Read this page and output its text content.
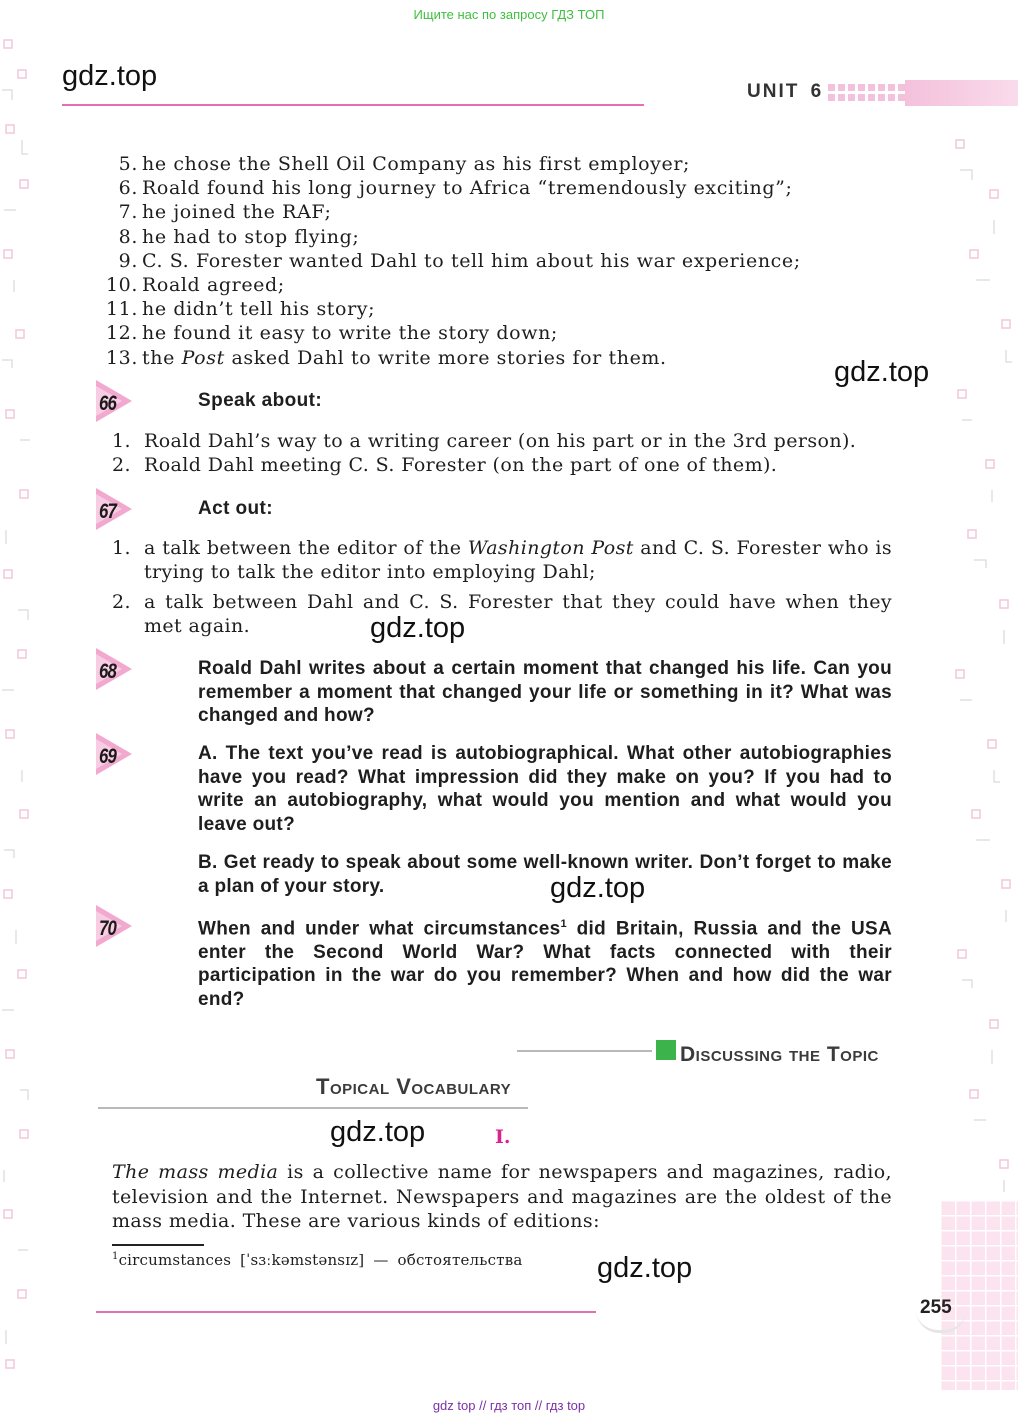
Ищите нас по запросу ГДЗ ТОП
gdz.top	UNIT 6
5. he chose the Shell Oil Company as his first employer;
6. Roald found his long journey to Africa “tremendously exciting”;
7. he joined the RAF;
8. he had to stop flying;
9. C. S. Forester wanted Dahl to tell him about his war experience;
10. Roald agreed;
11. he didn’t tell his story;
12. he found it easy to write the story down;
13. the Post asked Dahl to write more stories for them.	gdz.top
66
67
68
69
70
Speak about:
1. Roald Dahl’s way to a writing career (on his part or in the 3rd person).
2. Roald Dahl meeting C. S. Forester (on the part of one of them).
Act out:
1. a talk between the editor of the Washington Post and C. S. Forester who is trying to talk the editor into employing Dahl;
2. a talk between Dahl and C. S. Forester that they could have when they met again.	gdz.top
Roald Dahl writes about a certain moment that changed his life. Can you remember a moment that changed your life or something in it? What was changed and how?
A. The text you’ve read is autobiographical. What other autobiographies have you read? What impression did they make on you? If you had to write an autobiography, what would you mention and what would you leave out?
B. Get ready to speak about some well-known writer. Don’t forget to make a plan of your story.	gdz.top
When and under what circumstances$^1$ did Britain, Russia and the USA enter the Second World War? What facts connected with their participation in the war do you remember? When and how did the war end?
Discussing the Topic
Topical Vocabulary
gdz.top	I.
The mass media is a collective name for newspapers and magazines, radio, television and the Internet. Newspapers and magazines are the oldest of the mass media. These are various kinds of editions:
$^1$circumstances [ˈsɜːkəmstənsɪz] — обстоятельства	gdz.top
255
gdz top // гдз топ // гдз top
